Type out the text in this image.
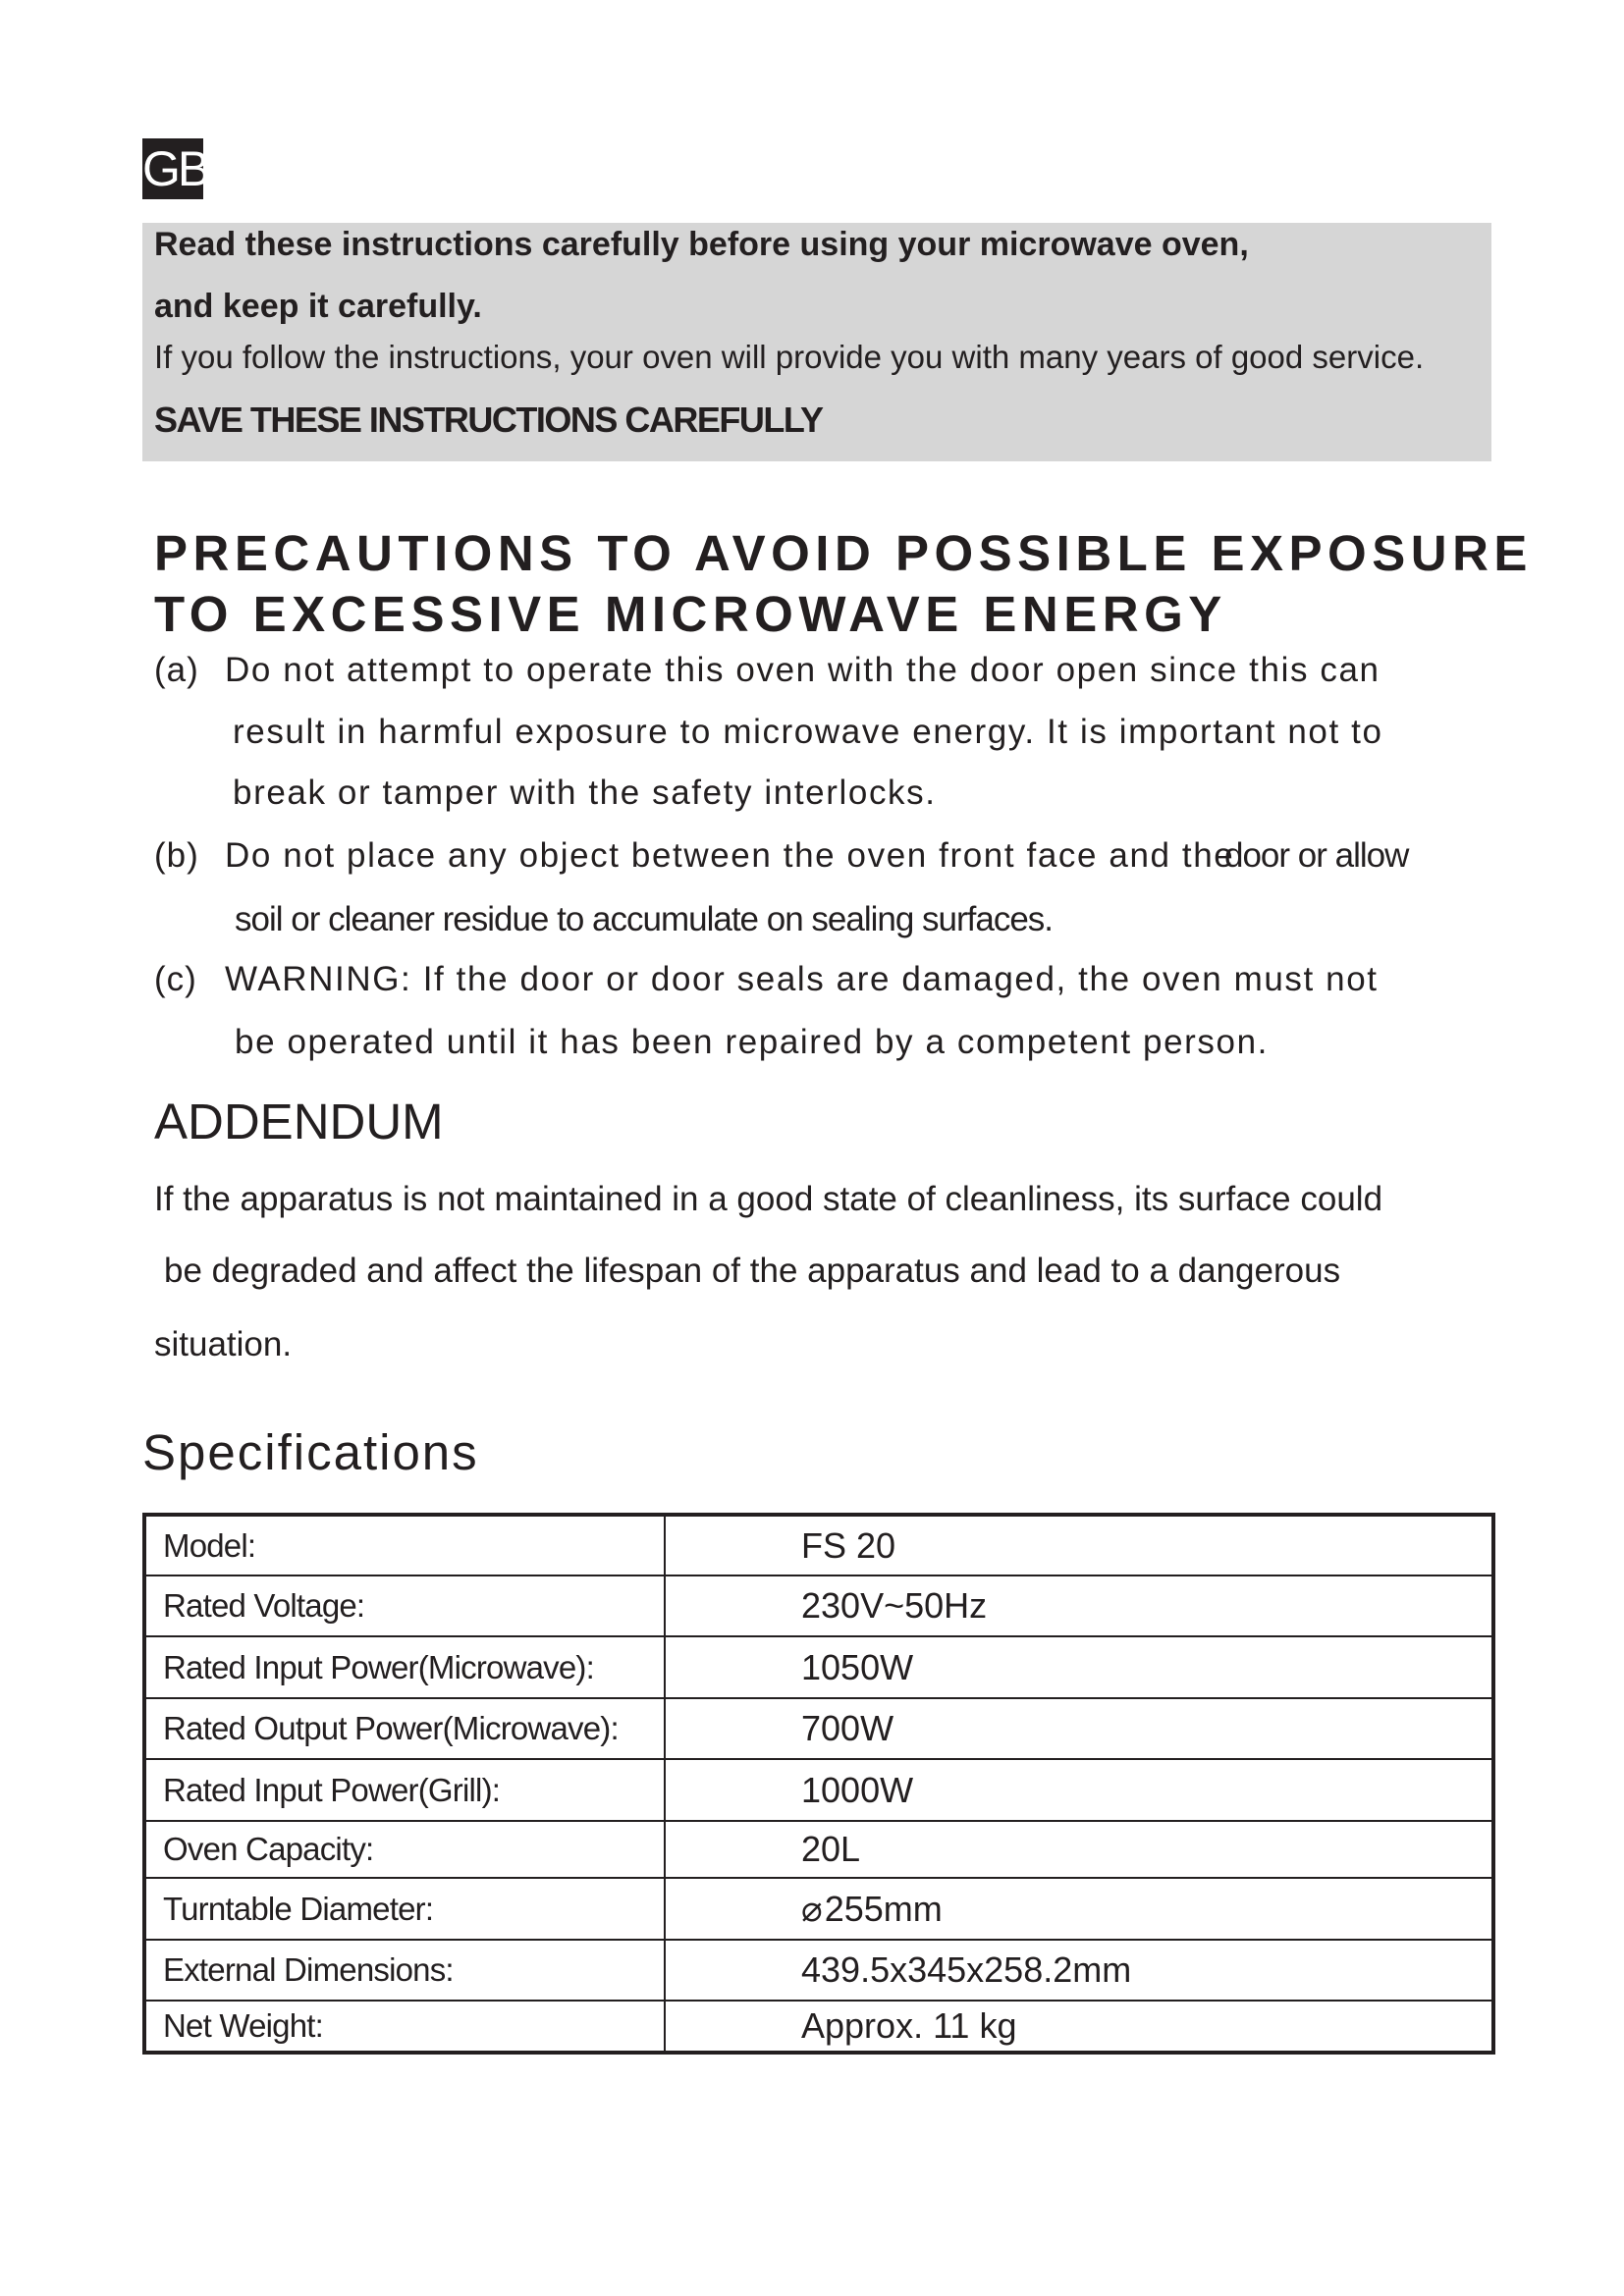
GB
Read these instructions carefully before using your microwave oven,
and keep it carefully.
If you follow the instructions, your oven will provide you with many years of good service.
SAVE THESE INSTRUCTIONS CAREFULLY
PRECAUTIONS TO AVOID POSSIBLE EXPOSURE
TO EXCESSIVE MICROWAVE ENERGY
(a) Do not attempt to operate this oven with the door open since this can
result in harmful exposure to microwave energy. It is important not to
break or tamper with the safety interlocks.
(b) Do not place any object between the oven front face and the
door or allow
soil or cleaner residue to accumulate on sealing surfaces.
(c) WARNING: If the door or door seals are damaged, the oven must not
be operated until it has been repaired by a competent person.
ADDENDUM
If the apparatus is not maintained in a good state of cleanliness, its surface could
be degraded and affect the lifespan of the apparatus and lead to a dangerous
situation.
Specifications
Model:	FS 20
Rated Voltage:	230V~50Hz
Rated Input Power(Microwave):	1050W
Rated Output Power(Microwave):	700W
Rated Input Power(Grill):	1000W
Oven Capacity:	20L
Turntable Diameter:	⌀255mm
External Dimensions:	439.5x345x258.2mm
Net Weight:	Approx. 11 kg
